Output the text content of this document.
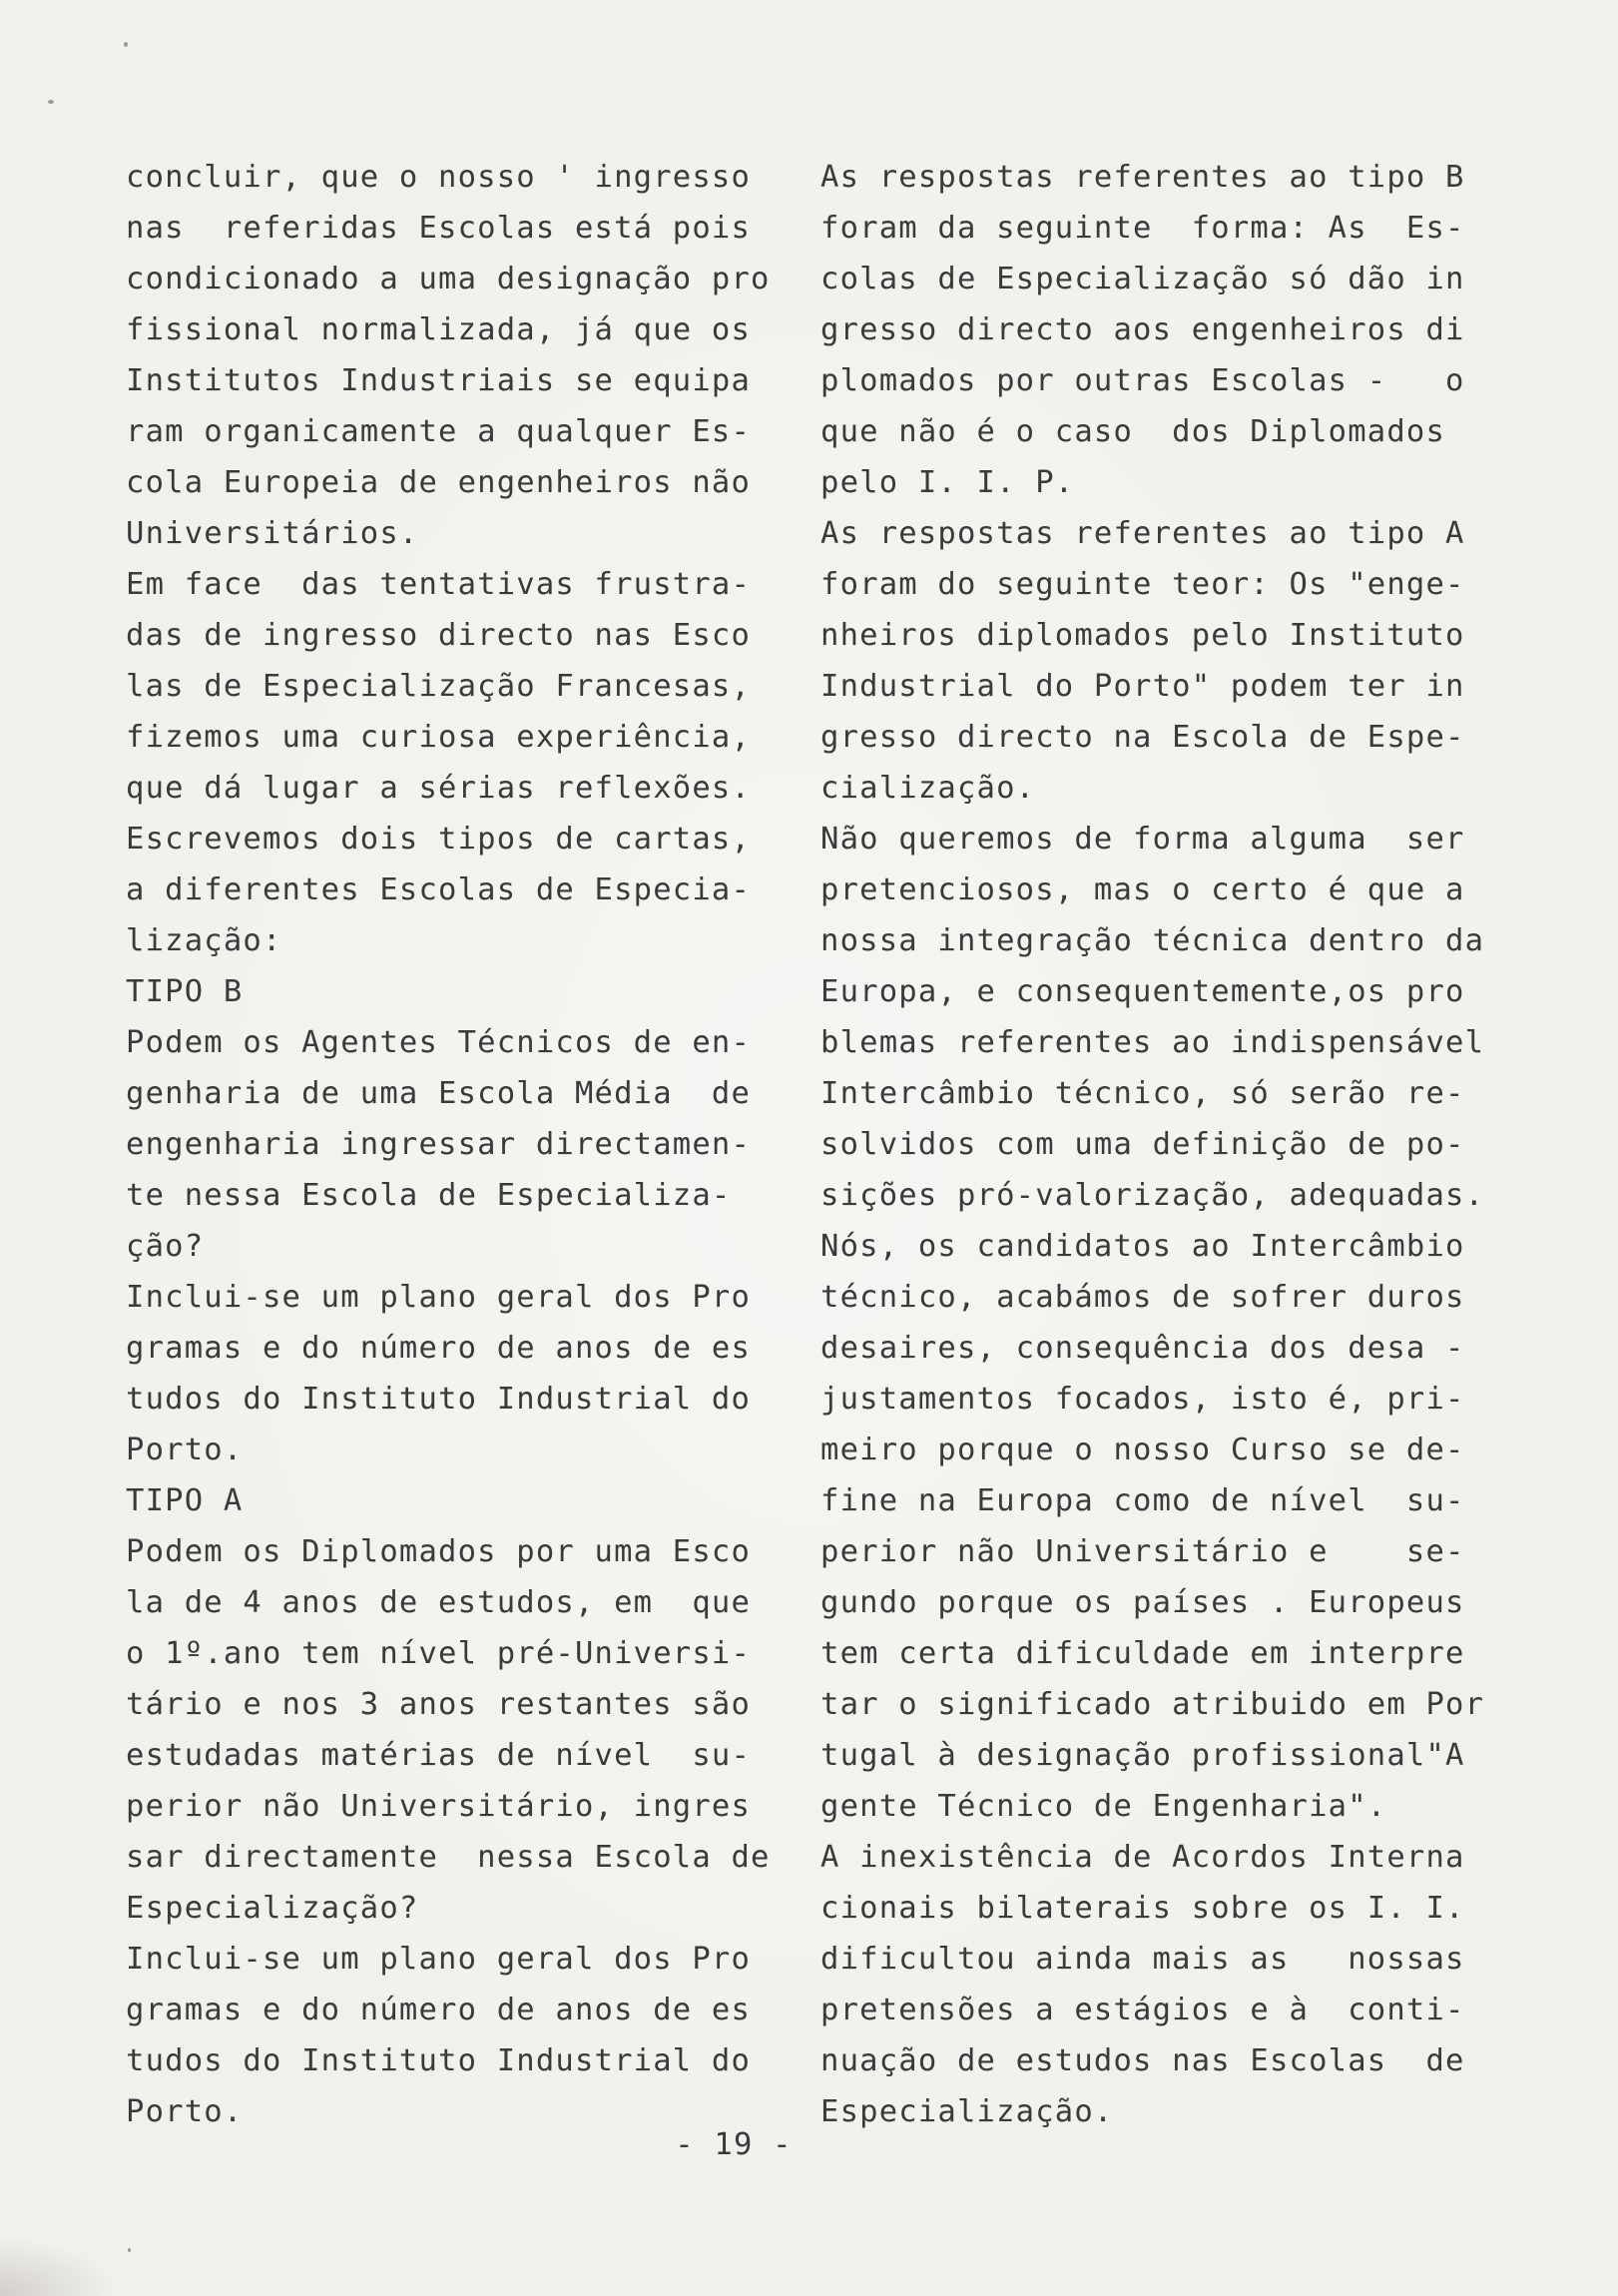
concluir, que o nosso ' ingresso
nas  referidas Escolas está pois
condicionado a uma designação pro
fissional normalizada, já que os
Institutos Industriais se equipa
ram organicamente a qualquer Es-
cola Europeia de engenheiros não
Universitários.
Em face  das tentativas frustra-
das de ingresso directo nas Esco
las de Especialização Francesas,
fizemos uma curiosa experiência,
que dá lugar a sérias reflexões.
Escrevemos dois tipos de cartas,
a diferentes Escolas de Especia-
lização:
TIPO B
Podem os Agentes Técnicos de en-
genharia de uma Escola Média  de
engenharia ingressar directamen-
te nessa Escola de Especializa-
ção?
Inclui-se um plano geral dos Pro
gramas e do número de anos de es
tudos do Instituto Industrial do
Porto.
TIPO A
Podem os Diplomados por uma Esco
la de 4 anos de estudos, em  que
o 1º.ano tem nível pré-Universi-
tário e nos 3 anos restantes são
estudadas matérias de nível  su-
perior não Universitário, ingres
sar directamente  nessa Escola de
Especialização?
Inclui-se um plano geral dos Pro
gramas e do número de anos de es
tudos do Instituto Industrial do
Porto.
As respostas referentes ao tipo B
foram da seguinte  forma: As  Es-
colas de Especialização só dão in
gresso directo aos engenheiros di
plomados por outras Escolas -   o
que não é o caso  dos Diplomados
pelo I. I. P.
As respostas referentes ao tipo A
foram do seguinte teor: Os "enge-
nheiros diplomados pelo Instituto
Industrial do Porto" podem ter in
gresso directo na Escola de Espe-
cialização.
Não queremos de forma alguma  ser
pretenciosos, mas o certo é que a
nossa integração técnica dentro da
Europa, e consequentemente,os pro
blemas referentes ao indispensável
Intercâmbio técnico, só serão re-
solvidos com uma definição de po-
sições pró-valorização, adequadas.
Nós, os candidatos ao Intercâmbio
técnico, acabámos de sofrer duros
desaires, consequência dos desa -
justamentos focados, isto é, pri-
meiro porque o nosso Curso se de-
fine na Europa como de nível  su-
perior não Universitário e    se-
gundo porque os países . Europeus
tem certa dificuldade em interpre
tar o significado atribuido em Por
tugal à designação profissional"A
gente Técnico de Engenharia".
A inexistência de Acordos Interna
cionais bilaterais sobre os I. I.
dificultou ainda mais as   nossas
pretensões a estágios e à  conti-
nuação de estudos nas Escolas  de
Especialização.
- 19 -
